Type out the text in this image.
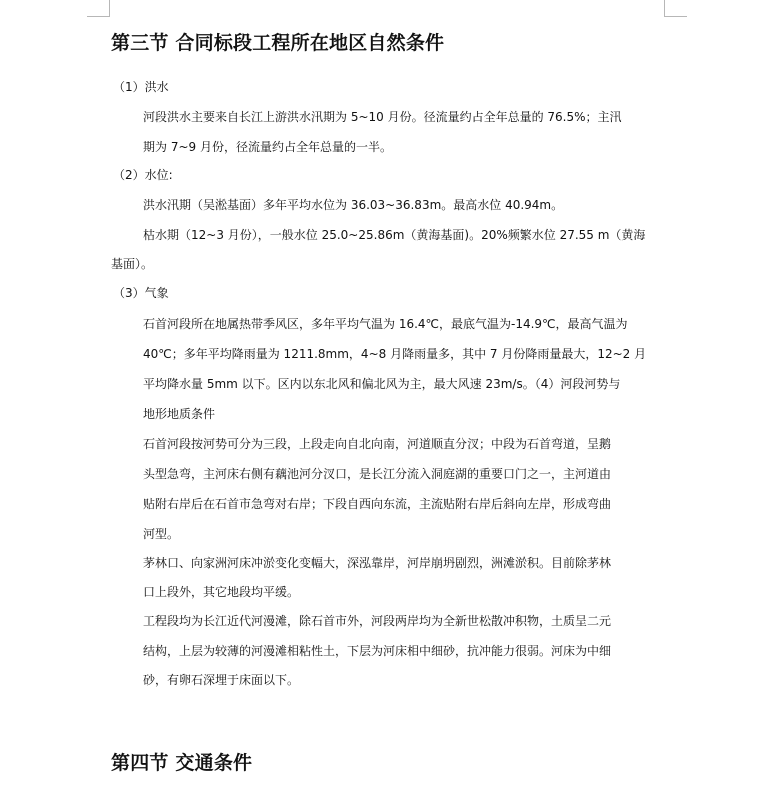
第三节 合同标段工程所在地区自然条件
（1）洪水
河段洪水主要来自长江上游洪水汛期为 5~10 月份。径流量约占全年总量的 76.5%；主汛
期为 7~9 月份，径流量约占全年总量的一半。
（2）水位:
洪水汛期（吴淞基面）多年平均水位为 36.03~36.83m。最高水位 40.94m。
枯水期（12~3 月份），一般水位 25.0~25.86m（黄海基面)。20%频繁水位 27.55 m（黄海
基面）。
（3）气象
石首河段所在地属热带季风区，多年平均气温为 16.4℃，最底气温为-14.9℃，最高气温为
40℃；多年平均降雨量为 1211.8mm，4~8 月降雨量多，其中 7 月份降雨量最大，12~2 月
平均降水量 5mm 以下。区内以东北风和偏北风为主，最大风速 23m/s。（4）河段河势与
地形地质条件
石首河段按河势可分为三段，上段走向自北向南，河道顺直分汊；中段为石首弯道，呈鹅
头型急弯，主河床右侧有藕池河分汊口，是长江分流入洞庭湖的重要口门之一，主河道由
贴附右岸后在石首市急弯对右岸；下段自西向东流，主流贴附右岸后斜向左岸，形成弯曲
河型。
茅林口、向家洲河床冲淤变化变幅大，深泓靠岸，河岸崩坍剧烈，洲滩淤积。目前除茅林
口上段外，其它地段均平缓。
工程段均为长江近代河漫滩，除石首市外，河段两岸均为全新世松散冲积物，土质呈二元
结构，上层为较薄的河漫滩相粘性土，下层为河床相中细砂，抗冲能力很弱。河床为中细
砂，有卵石深埋于床面以下。
第四节 交通条件
